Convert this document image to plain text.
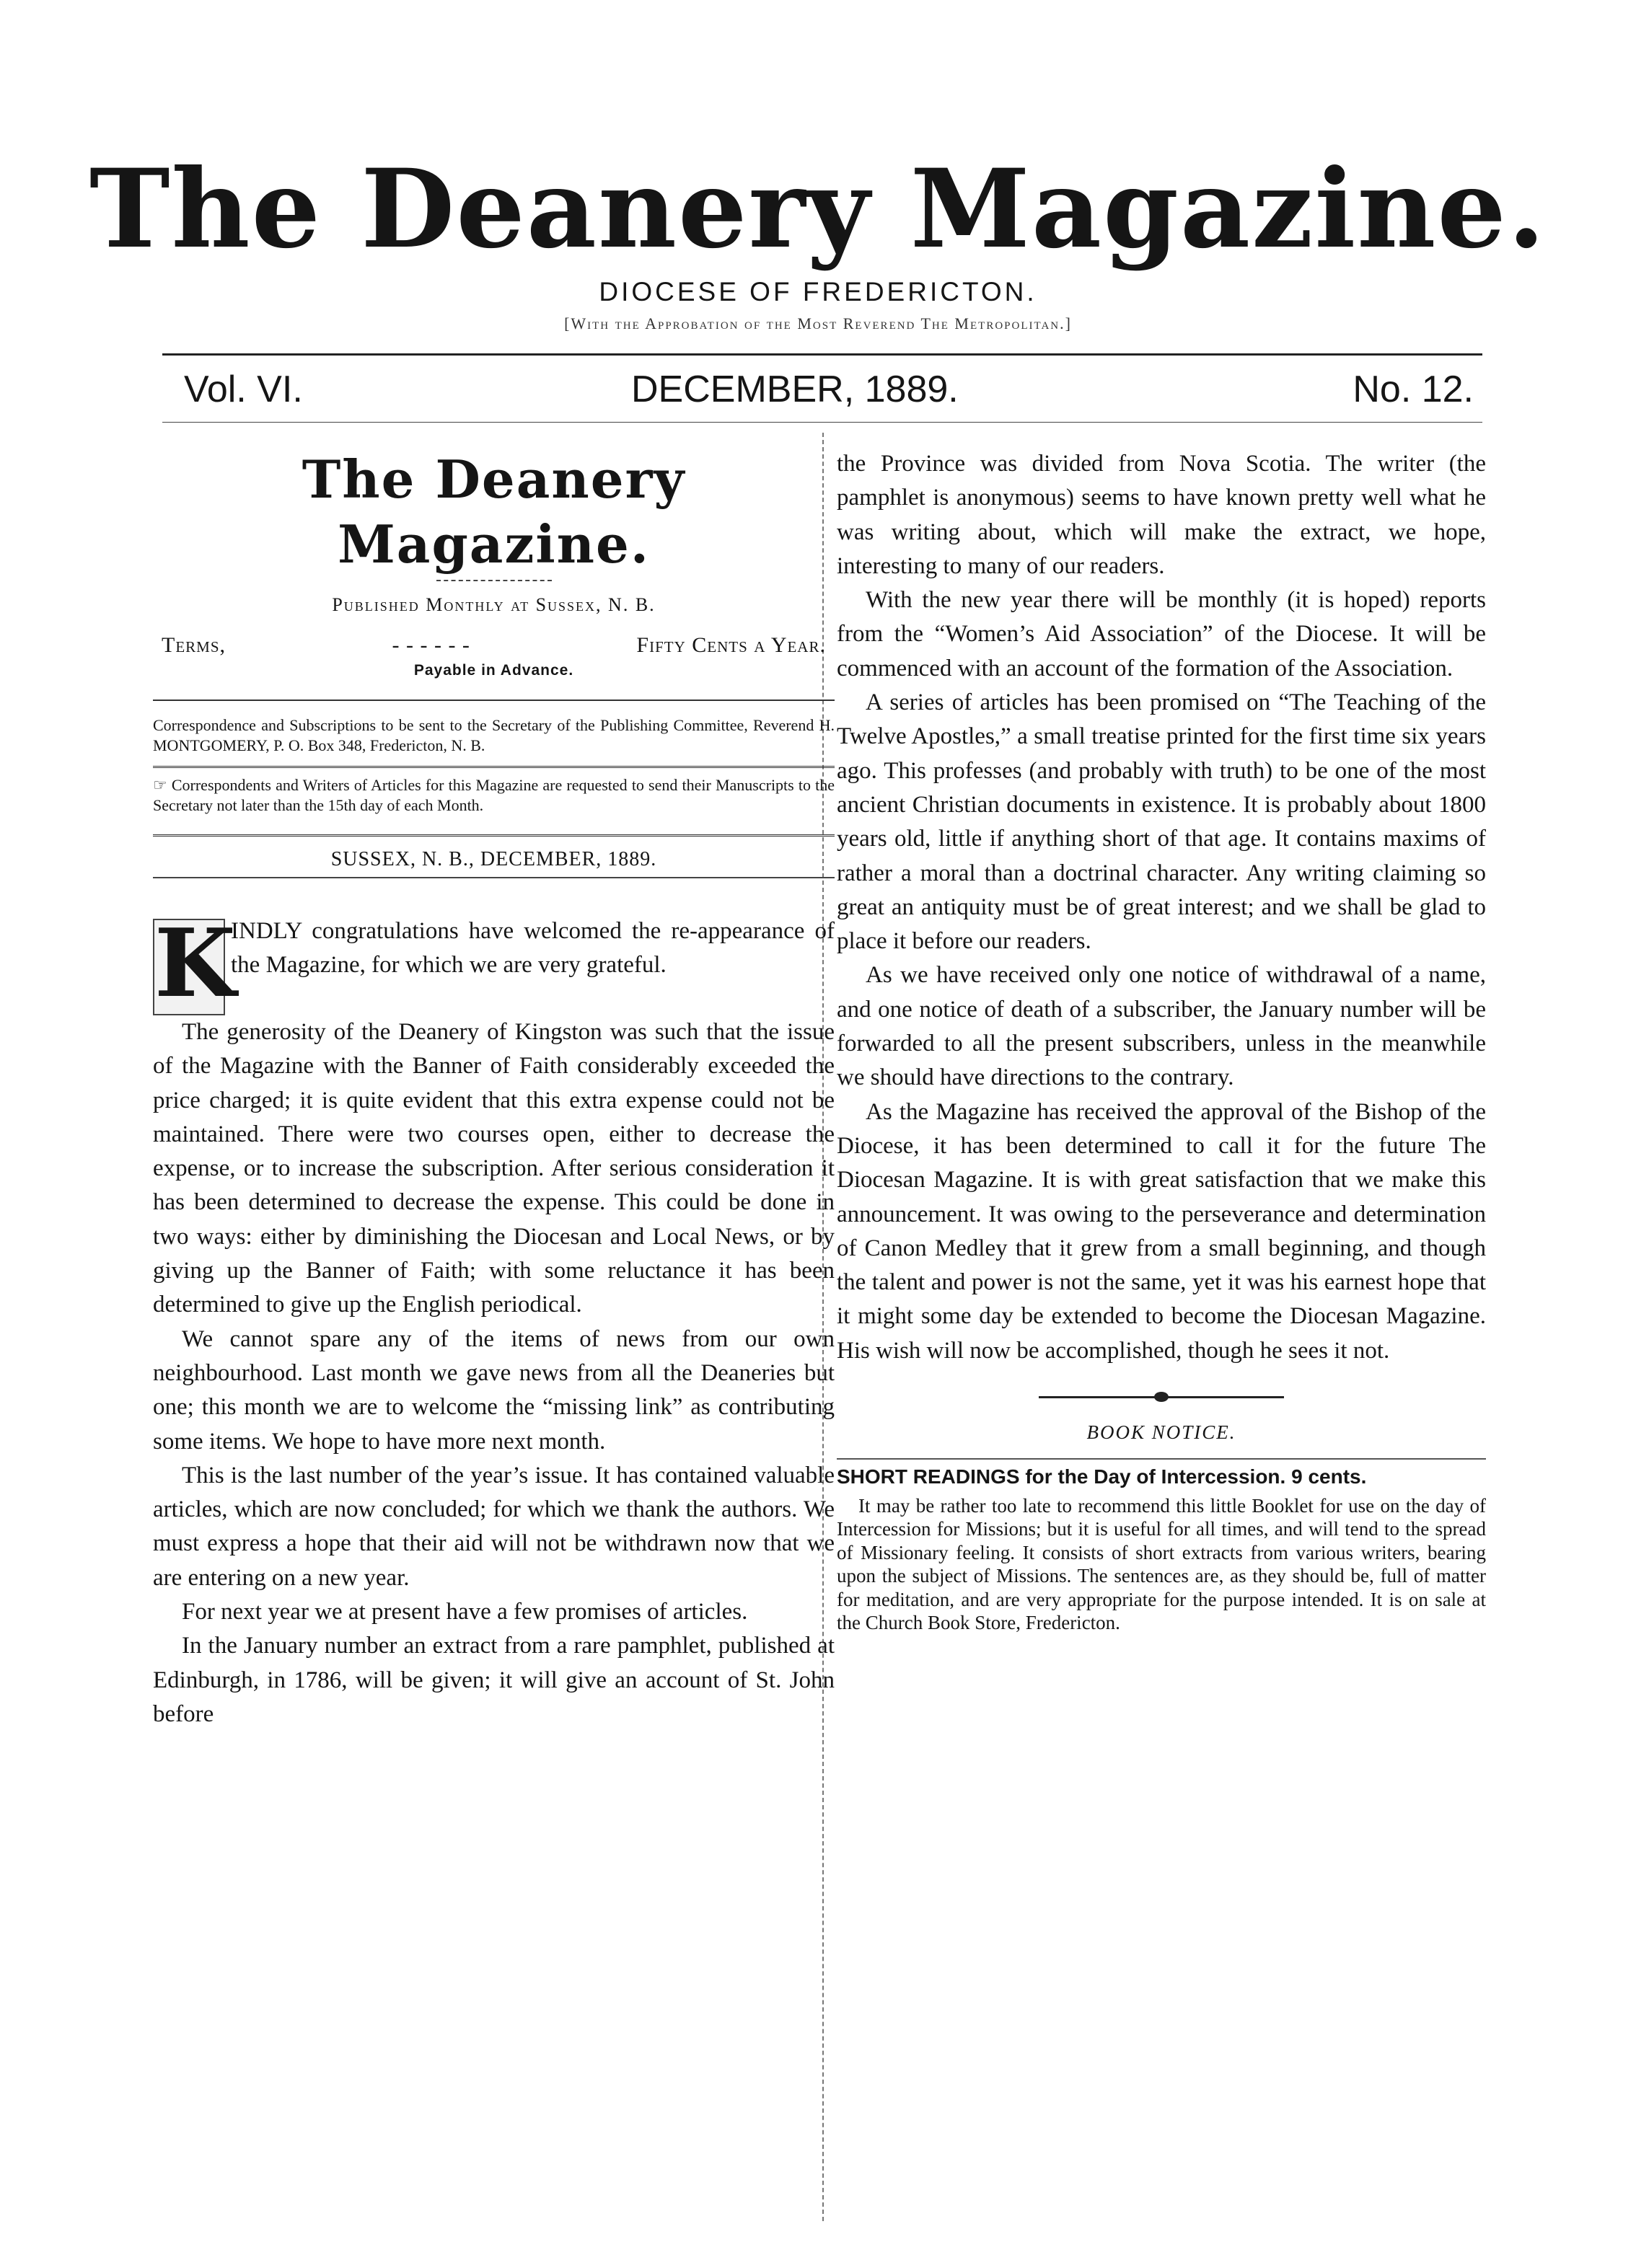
The Deanery Magazine.
DIOCESE OF FREDERICTON.
[With the Approbation of the Most Reverend The Metropolitan.]
Vol. VI.	DECEMBER, 1889.	No. 12.
The Deanery Magazine.
Published Monthly at Sussex, N. B.
Terms,	- - - - - -	Fifty Cents a Year.
Payable in Advance.

Correspondence and Subscriptions to be sent to the Secretary of the Publishing Committee, Reverend H. MONTGOMERY, P. O. Box 348, Fredericton, N. B.

☞ Correspondents and Writers of Articles for this Magazine are requested to send their Manuscripts to the Secretary not later than the 15th day of each Month.

SUSSEX, N. B., DECEMBER, 1889.
K

INDLY congratulations have welcomed the re-appearance of the Magazine, for which we are very grateful.

The generosity of the Deanery of Kingston was such that the issue of the Magazine with the Banner of Faith considerably exceeded the price charged; it is quite evident that this extra expense could not be maintained. There were two courses open, either to decrease the expense, or to increase the subscription. After serious consideration it has been determined to decrease the expense. This could be done in two ways: either by diminishing the Diocesan and Local News, or by giving up the Banner of Faith; with some reluctance it has been determined to give up the English periodical.

We cannot spare any of the items of news from our own neighbourhood. Last month we gave news from all the Deaneries but one; this month we are to welcome the “missing link” as contributing some items. We hope to have more next month.

This is the last number of the year’s issue. It has contained valuable articles, which are now concluded; for which we thank the authors. We must express a hope that their aid will not be withdrawn now that we are entering on a new year.

For next year we at present have a few promises of articles.

In the January number an extract from a rare pamphlet, published at Edinburgh, in 1786, will be given; it will give an account of St. John before

the Province was divided from Nova Scotia. The writer (the pamphlet is anonymous) seems to have known pretty well what he was writing about, which will make the extract, we hope, interesting to many of our readers.

With the new year there will be monthly (it is hoped) reports from the “Women’s Aid Association” of the Diocese. It will be commenced with an account of the formation of the Association.

A series of articles has been promised on “The Teaching of the Twelve Apostles,” a small treatise printed for the first time six years ago. This professes (and probably with truth) to be one of the most ancient Christian documents in existence. It is probably about 1800 years old, little if anything short of that age. It contains maxims of rather a moral than a doctrinal character. Any writing claiming so great an antiquity must be of great interest; and we shall be glad to place it before our readers.

As we have received only one notice of withdrawal of a name, and one notice of death of a subscriber, the January number will be forwarded to all the present subscribers, unless in the meanwhile we should have directions to the contrary.

As the Magazine has received the approval of the Bishop of the Diocese, it has been determined to call it for the future The Diocesan Magazine. It is with great satisfaction that we make this announcement. It was owing to the perseverance and determination of Canon Medley that it grew from a small beginning, and though the talent and power is not the same, yet it was his earnest hope that it might some day be extended to become the Diocesan Magazine. His wish will now be accomplished, though he sees it not.

BOOK NOTICE.

SHORT READINGS for the Day of Intercession. 9 cents.

It may be rather too late to recommend this little Booklet for use on the day of Intercession for Missions; but it is useful for all times, and will tend to the spread of Missionary feeling. It consists of short extracts from various writers, bearing upon the subject of Missions. The sentences are, as they should be, full of matter for meditation, and are very appropriate for the purpose intended. It is on sale at the Church Book Store, Fredericton.
